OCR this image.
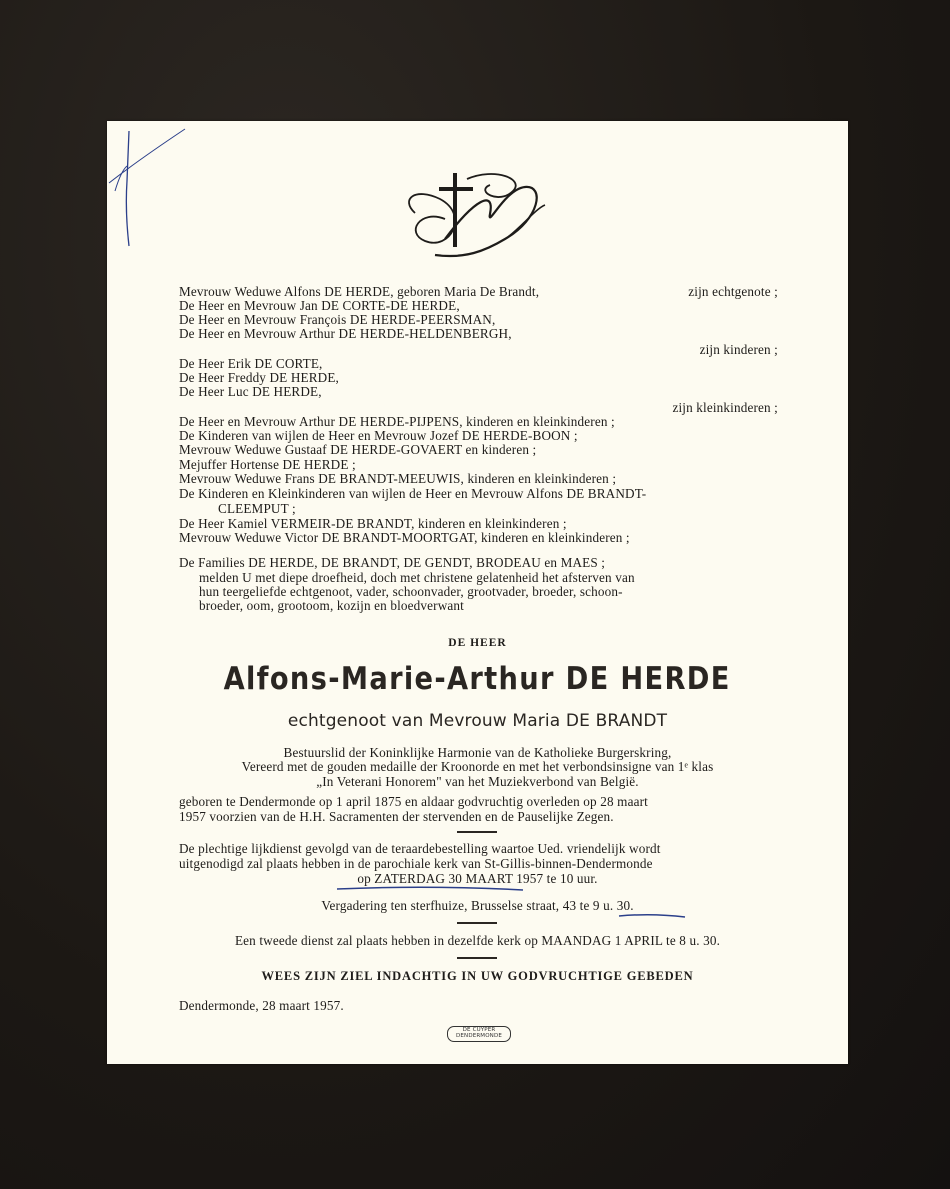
Mevrouw Weduwe Alfons DE HERDE, geboren Maria De Brandt,	zijn echtgenote ;
De Heer en Mevrouw Jan DE CORTE-DE HERDE,
De Heer en Mevrouw François DE HERDE-PEERSMAN,
De Heer en Mevrouw Arthur DE HERDE-HELDENBERGH,
zijn kinderen ;
De Heer Erik DE CORTE,
De Heer Freddy DE HERDE,
De Heer Luc DE HERDE,
zijn kleinkinderen ;
De Heer en Mevrouw Arthur DE HERDE-PIJPENS, kinderen en kleinkinderen ;
De Kinderen van wijlen de Heer en Mevrouw Jozef DE HERDE-BOON ;
Mevrouw Weduwe Gustaaf DE HERDE-GOVAERT en kinderen ;
Mejuffer Hortense DE HERDE ;
Mevrouw Weduwe Frans DE BRANDT-MEEUWIS, kinderen en kleinkinderen ;
De Kinderen en Kleinkinderen van wijlen de Heer en Mevrouw Alfons DE BRANDT-
CLEEMPUT ;
De Heer Kamiel VERMEIR-DE BRANDT, kinderen en kleinkinderen ;
Mevrouw Weduwe Victor DE BRANDT-MOORTGAT, kinderen en kleinkinderen ;
De Families DE HERDE, DE BRANDT, DE GENDT, BRODEAU en MAES ;
melden U met diepe droefheid, doch met christene gelatenheid het afsterven van
hun teergeliefde echtgenoot, vader, schoonvader, grootvader, broeder, schoon-
broeder, oom, grootoom, kozijn en bloedverwant
DE HEER
Alfons-Marie-Arthur DE HERDE
echtgenoot van Mevrouw Maria DE BRANDT
Bestuurslid der Koninklijke Harmonie van de Katholieke Burgerskring,
Vereerd met de gouden medaille der Kroonorde en met het verbondsinsigne van 1ᵉ klas
„In Veterani Honorem" van het Muziekverbond van België.
geboren te Dendermonde op 1 april 1875 en aldaar godvruchtig overleden op 28 maart
1957 voorzien van de H.H. Sacramenten der stervenden en de Pauselijke Zegen.
De plechtige lijkdienst gevolgd van de teraardebestelling waartoe Ued. vriendelijk wordt
uitgenodigd zal plaats hebben in de parochiale kerk van St-Gillis-binnen-Dendermonde
op ZATERDAG 30 MAART 1957 te 10 uur.
Vergadering ten sterfhuize, Brusselse straat, 43 te 9 u. 30.
Een tweede dienst zal plaats hebben in dezelfde kerk op MAANDAG 1 APRIL te 8 u. 30.
WEES ZIJN ZIEL INDACHTIG IN UW GODVRUCHTIGE GEBEDEN
Dendermonde, 28 maart 1957.
DE CUYPER
DENDERMONDE
